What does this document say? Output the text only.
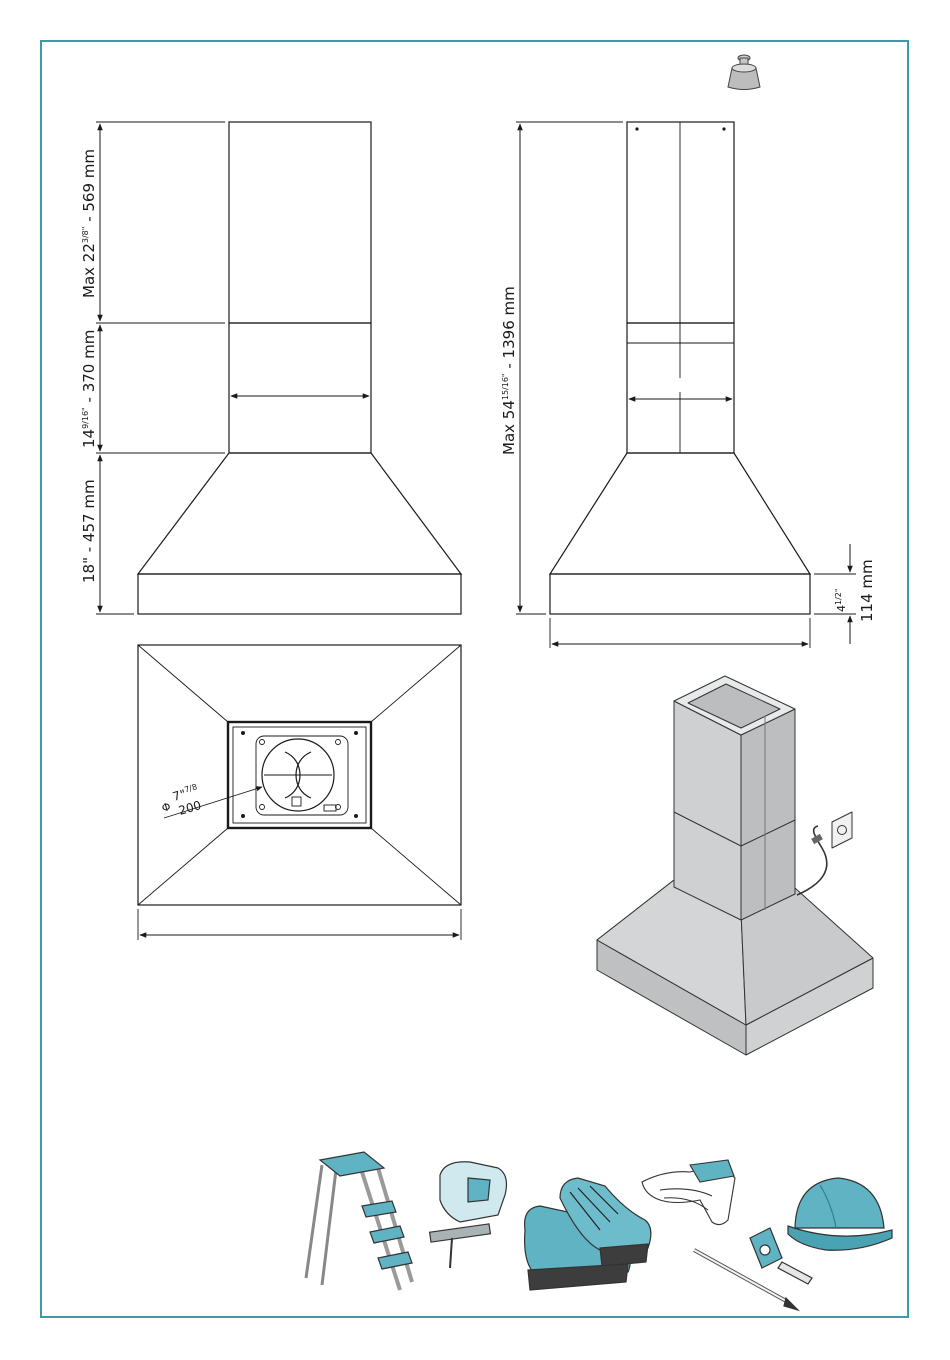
Max $22^{3/8"} - 569$ mm
$14^{9/16"} - 370$ mm
18" - 457 mm
Max $54^{15/16"} - 1396$ mm
$4^{1/2"}$	114 mm
Φ
7"$^{7/8}$
200
